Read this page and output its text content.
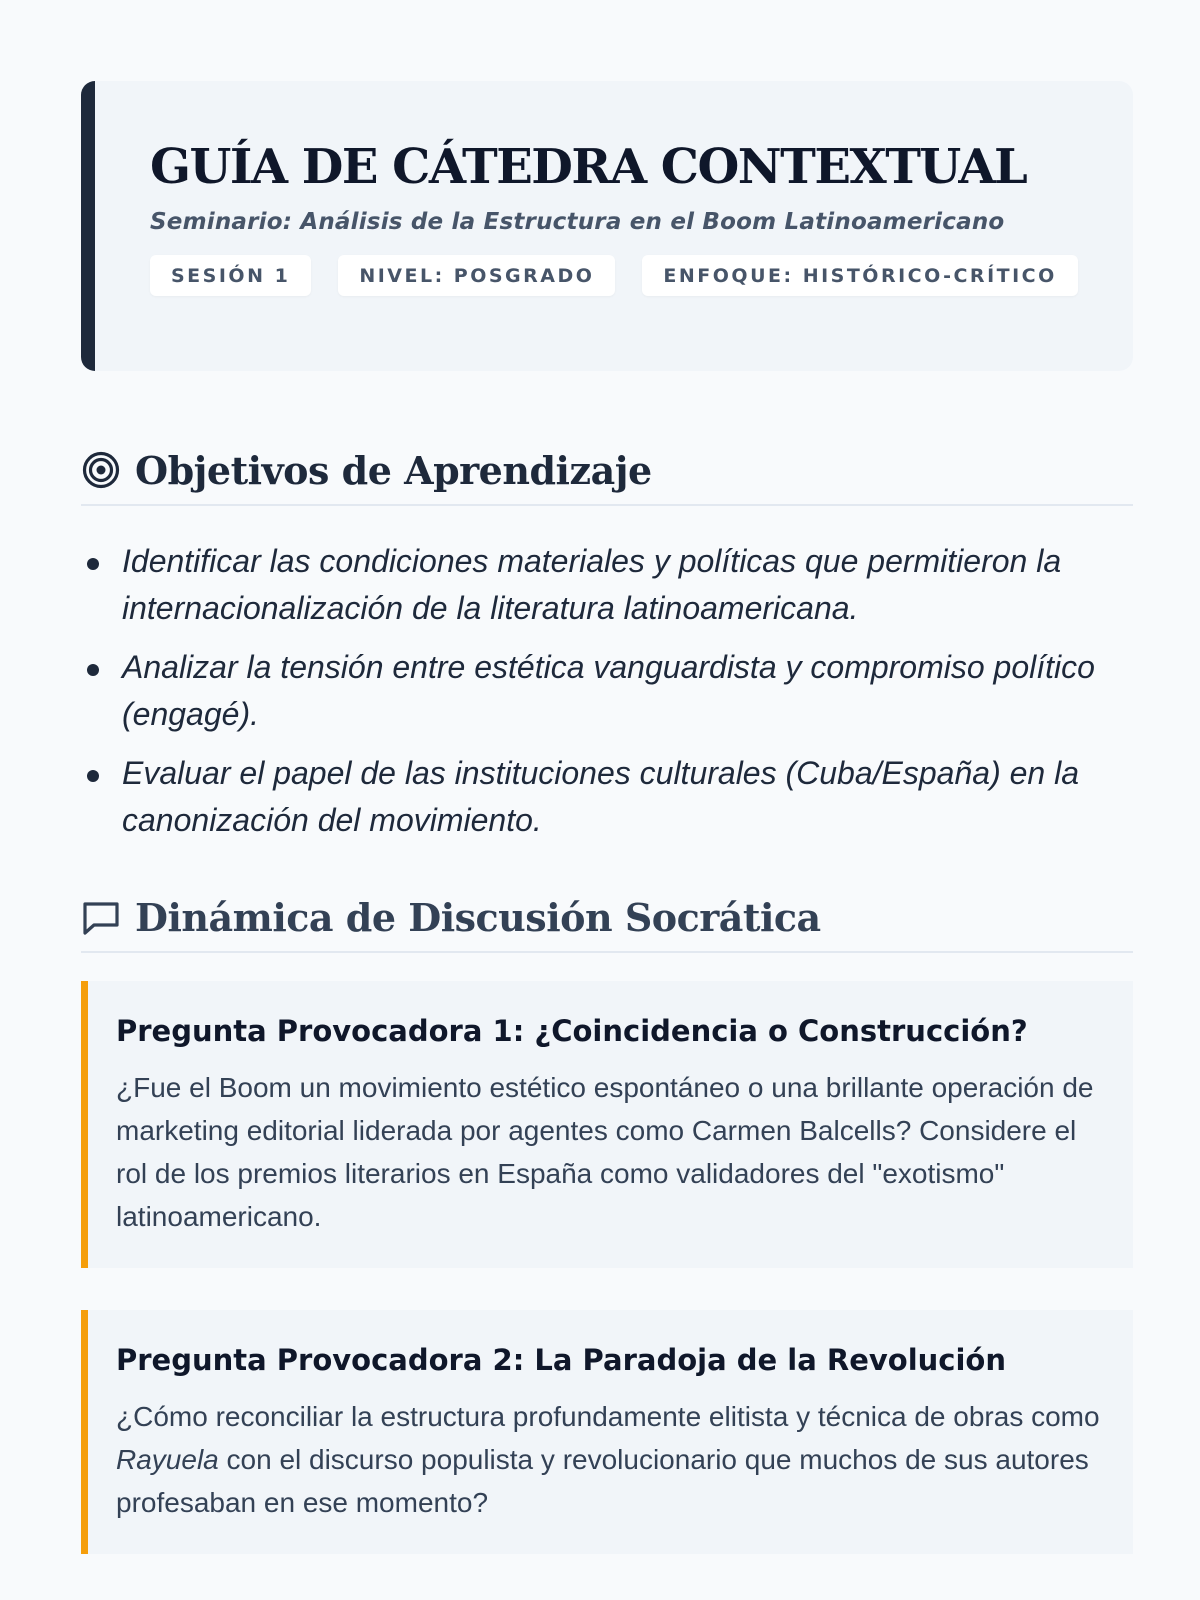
GUÍA DE CÁTEDRA CONTEXTUAL
Seminario: Análisis de la Estructura en el Boom Latinoamericano
SESIÓN 1	NIVEL: POSGRADO	ENFOQUE: HISTÓRICO-CRÍTICO
Objetivos de Aprendizaje
Identificar las condiciones materiales y políticas que permitieron la internacionalización de la literatura latinoamericana.
Analizar la tensión entre estética vanguardista y compromiso político (engagé).
Evaluar el papel de las instituciones culturales (Cuba/España) en la canonización del movimiento.
Dinámica de Discusión Socrática
Pregunta Provocadora 1: ¿Coincidencia o Construcción?

¿Fue el Boom un movimiento estético espontáneo o una brillante operación de marketing editorial liderada por agentes como Carmen Balcells? Considere el rol de los premios literarios en España como validadores del "exotismo" latinoamericano.

Pregunta Provocadora 2: La Paradoja de la Revolución

¿Cómo reconciliar la estructura profundamente elitista y técnica de obras como Rayuela con el discurso populista y revolucionario que muchos de sus autores profesaban en ese momento?
